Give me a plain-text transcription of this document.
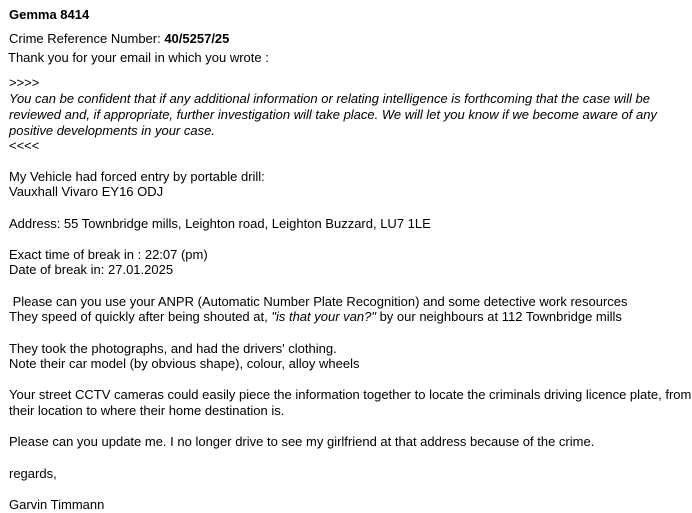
Gemma 8414
Crime Reference Number: 40/5257/25
Thank you for your email in which you wrote :
>>>>
You can be confident that if any additional information or relating intelligence is forthcoming that the case will be reviewed and, if appropriate, further investigation will take place. We will let you know if we become aware of any positive developments in your case.
<<<<
My Vehicle had forced entry by portable drill:
Vauxhall Vivaro EY16 ODJ
Address: 55 Townbridge mills, Leighton road, Leighton Buzzard, LU7 1LE
Exact time of break in : 22:07 (pm)
Date of break in: 27.01.2025
Please can you use your ANPR (Automatic Number Plate Recognition) and some detective work resources
They speed of quickly after being shouted at, "is that your van?" by our neighbours at 112 Townbridge mills
They took the photographs, and had the drivers' clothing.
Note their car model (by obvious shape), colour, alloy wheels
Your street CCTV cameras could easily piece the information together to locate the criminals driving licence plate, from their location to where their home destination is.
Please can you update me. I no longer drive to see my girlfriend at that address because of the crime.
regards,
Garvin Timmann
